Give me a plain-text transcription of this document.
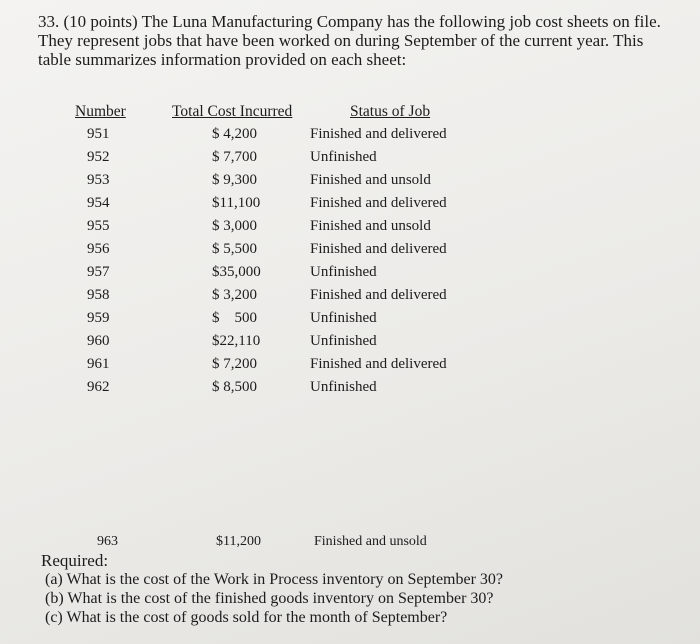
33. (10 points) The Luna Manufacturing Company has the following job cost sheets on file. They represent jobs that have been worked on during September of the current year. This table summarizes information provided on each sheet:

Number	Total Cost Incurred	Status of Job
951	$ 4,200	Finished and delivered
952	$ 7,700	Unfinished
953	$ 9,300	Finished and unsold
954	$11,100	Finished and delivered
955	$ 3,000	Finished and unsold
956	$ 5,500	Finished and delivered
957	$35,000	Unfinished
958	$ 3,200	Finished and delivered
959	$    500	Unfinished
960	$22,110	Unfinished
961	$ 7,200	Finished and delivered
962	$ 8,500	Unfinished
963	$11,200	Finished and unsold
Required:
(a) What is the cost of the Work in Process inventory on September 30?
(b) What is the cost of the finished goods inventory on September 30?
(c) What is the cost of goods sold for the month of September?
